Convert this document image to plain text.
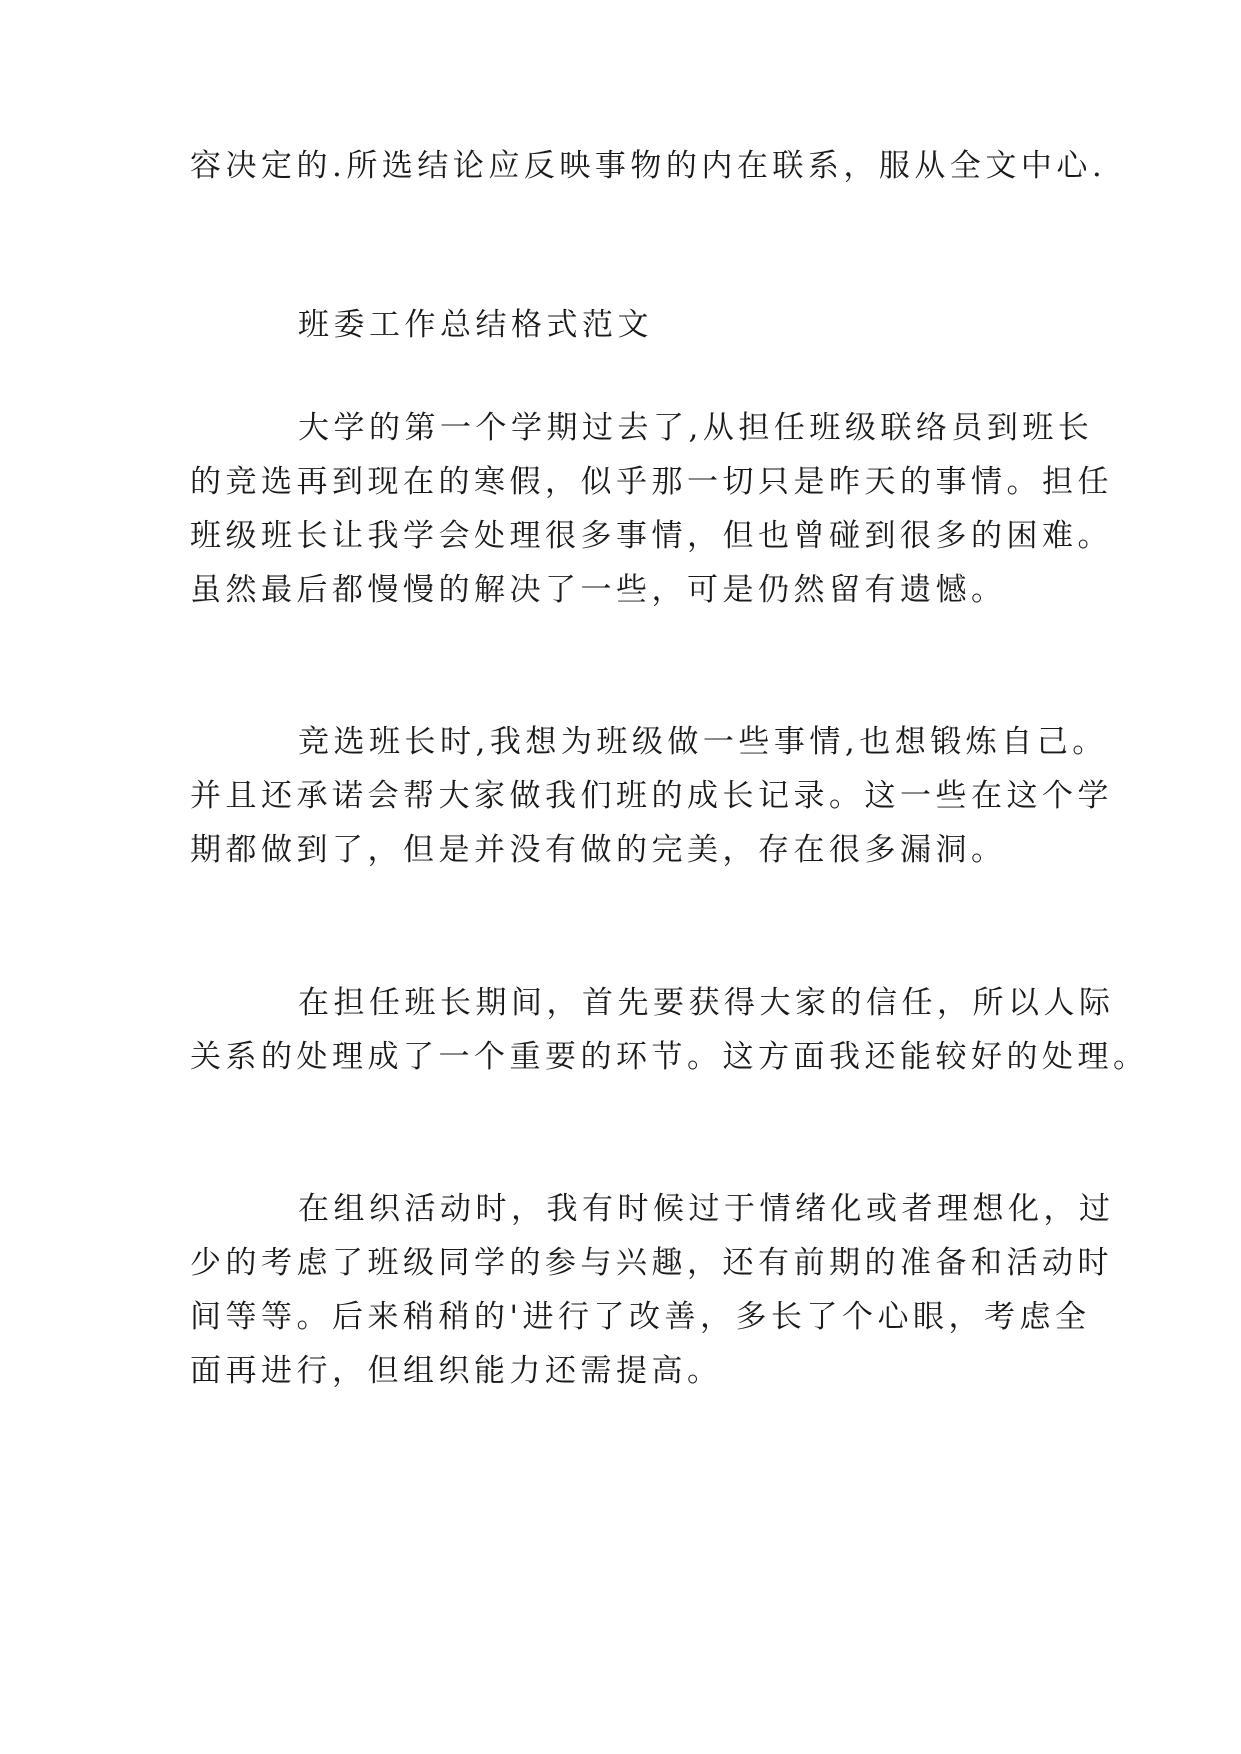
容决定的.所选结论应反映事物的内在联系，服从全文中心.
班委工作总结格式范文
大学的第一个学期过去了,从担任班级联络员到班长
的竞选再到现在的寒假，似乎那一切只是昨天的事情。担任
班级班长让我学会处理很多事情，但也曾碰到很多的困难。
虽然最后都慢慢的解决了一些，可是仍然留有遗憾。
竞选班长时,我想为班级做一些事情,也想锻炼自己。
并且还承诺会帮大家做我们班的成长记录。这一些在这个学
期都做到了，但是并没有做的完美，存在很多漏洞。
在担任班长期间，首先要获得大家的信任，所以人际
关系的处理成了一个重要的环节。这方面我还能较好的处理。
在组织活动时，我有时候过于情绪化或者理想化，过
少的考虑了班级同学的参与兴趣，还有前期的准备和活动时
间等等。后来稍稍的'进行了改善，多长了个心眼，考虑全
面再进行，但组织能力还需提高。
